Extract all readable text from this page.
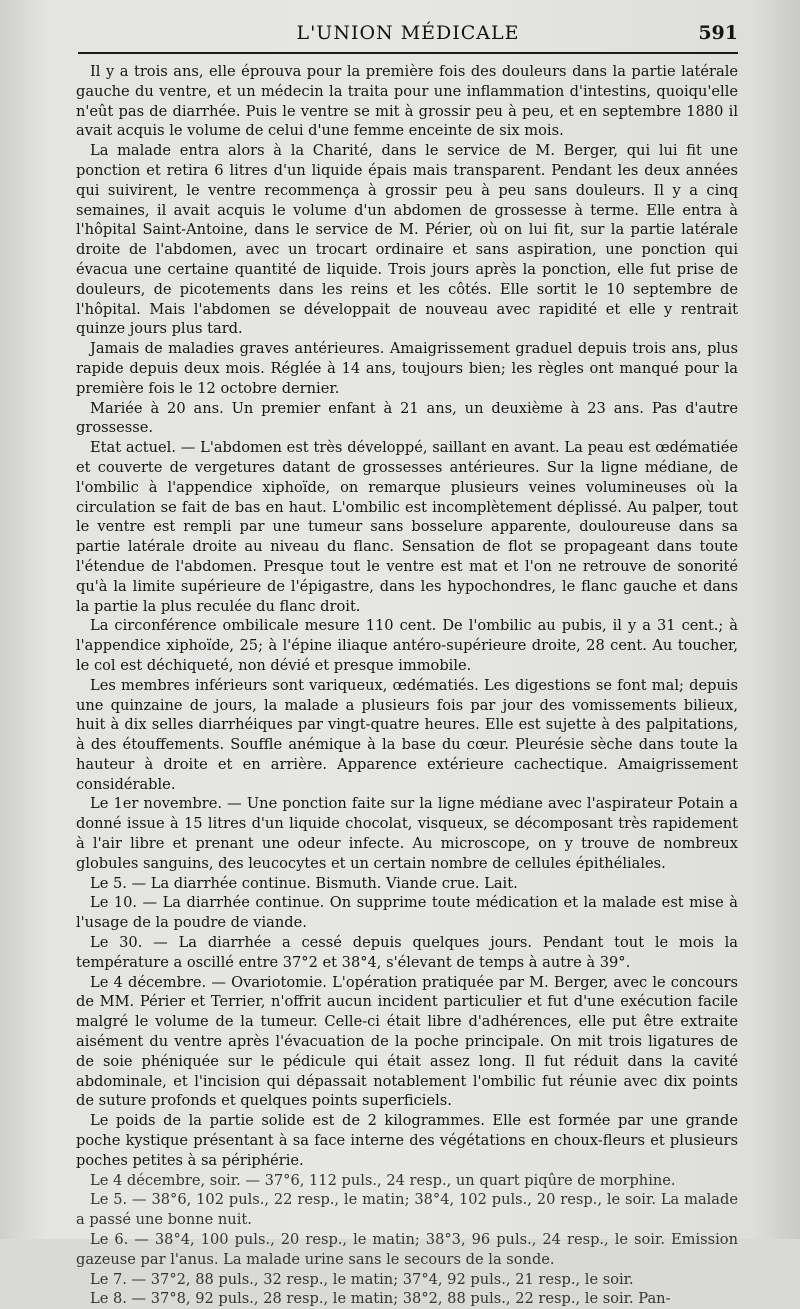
L'UNION MÉDICALE	591

Il y a trois ans, elle éprouva pour la première fois des douleurs dans la partie latérale gauche du ventre, et un médecin la traita pour une inflammation d'intestins, quoiqu'elle n'eût pas de diarrhée. Puis le ventre se mit à grossir peu à peu, et en septembre 1880 il avait acquis le volume de celui d'une femme enceinte de six mois.

La malade entra alors à la Charité, dans le service de M. Berger, qui lui fit une ponction et retira 6 litres d'un liquide épais mais transparent. Pendant les deux années qui suivirent, le ventre recommença à grossir peu à peu sans douleurs. Il y a cinq semaines, il avait acquis le volume d'un abdomen de grossesse à terme. Elle entra à l'hôpital Saint-Antoine, dans le service de M. Périer, où on lui fit, sur la partie latérale droite de l'abdomen, avec un trocart ordinaire et sans aspiration, une ponction qui évacua une certaine quantité de liquide. Trois jours après la ponction, elle fut prise de douleurs, de picotements dans les reins et les côtés. Elle sortit le 10 septembre de l'hôpital. Mais l'abdomen se développait de nouveau avec rapidité et elle y rentrait quinze jours plus tard.

Jamais de maladies graves antérieures. Amaigrissement graduel depuis trois ans, plus rapide depuis deux mois. Réglée à 14 ans, toujours bien; les règles ont manqué pour la première fois le 12 octobre dernier.

Mariée à 20 ans. Un premier enfant à 21 ans, un deuxième à 23 ans. Pas d'autre grossesse.

Etat actuel. — L'abdomen est très développé, saillant en avant. La peau est œdématiée et couverte de vergetures datant de grossesses antérieures. Sur la ligne médiane, de l'ombilic à l'appendice xiphoïde, on remarque plusieurs veines volumineuses où la circulation se fait de bas en haut. L'ombilic est incomplètement déplissé. Au palper, tout le ventre est rempli par une tumeur sans bosselure apparente, douloureuse dans sa partie latérale droite au niveau du flanc. Sensation de flot se propageant dans toute l'étendue de l'abdomen. Presque tout le ventre est mat et l'on ne retrouve de sonorité qu'à la limite supérieure de l'épigastre, dans les hypochondres, le flanc gauche et dans la partie la plus reculée du flanc droit.

La circonférence ombilicale mesure 110 cent. De l'ombilic au pubis, il y a 31 cent.; à l'appendice xiphoïde, 25; à l'épine iliaque antéro-supérieure droite, 28 cent. Au toucher, le col est déchiqueté, non dévié et presque immobile.

Les membres inférieurs sont variqueux, œdématiés. Les digestions se font mal; depuis une quinzaine de jours, la malade a plusieurs fois par jour des vomissements bilieux, huit à dix selles diarrhéiques par vingt-quatre heures. Elle est sujette à des palpitations, à des étouffements. Souffle anémique à la base du cœur. Pleurésie sèche dans toute la hauteur à droite et en arrière. Apparence extérieure cachectique. Amaigrissement considérable.

Le 1er novembre. — Une ponction faite sur la ligne médiane avec l'aspirateur Potain a donné issue à 15 litres d'un liquide chocolat, visqueux, se décomposant très rapidement à l'air libre et prenant une odeur infecte. Au microscope, on y trouve de nombreux globules sanguins, des leucocytes et un certain nombre de cellules épithéliales.

Le 5. — La diarrhée continue. Bismuth. Viande crue. Lait.

Le 10. — La diarrhée continue. On supprime toute médication et la malade est mise à l'usage de la poudre de viande.

Le 30. — La diarrhée a cessé depuis quelques jours. Pendant tout le mois la température a oscillé entre 37°2 et 38°4, s'élevant de temps à autre à 39°.

Le 4 décembre. — Ovariotomie. L'opération pratiquée par M. Berger, avec le concours de MM. Périer et Terrier, n'offrit aucun incident particulier et fut d'une exécution facile malgré le volume de la tumeur. Celle-ci était libre d'adhérences, elle put être extraite aisément du ventre après l'évacuation de la poche principale. On mit trois ligatures de de soie phéniquée sur le pédicule qui était assez long. Il fut réduit dans la cavité abdominale, et l'incision qui dépassait notablement l'ombilic fut réunie avec dix points de suture profonds et quelques points superficiels.

Le poids de la partie solide est de 2 kilogrammes. Elle est formée par une grande poche kystique présentant à sa face interne des végétations en choux-fleurs et plusieurs poches petites à sa périphérie.

Le 4 décembre, soir. — 37°6, 112 puls., 24 resp., un quart piqûre de morphine.

Le 5. — 38°6, 102 puls., 22 resp., le matin; 38°4, 102 puls., 20 resp., le soir. La malade a passé une bonne nuit.

Le 6. — 38°4, 100 puls., 20 resp., le matin; 38°3, 96 puls., 24 resp., le soir. Emission gazeuse par l'anus. La malade urine sans le secours de la sonde.

Le 7. — 37°2, 88 puls., 32 resp., le matin; 37°4, 92 puls., 21 resp., le soir.

Le 8. — 37°8, 92 puls., 28 resp., le matin; 38°2, 88 puls., 22 resp., le soir. Pan-
